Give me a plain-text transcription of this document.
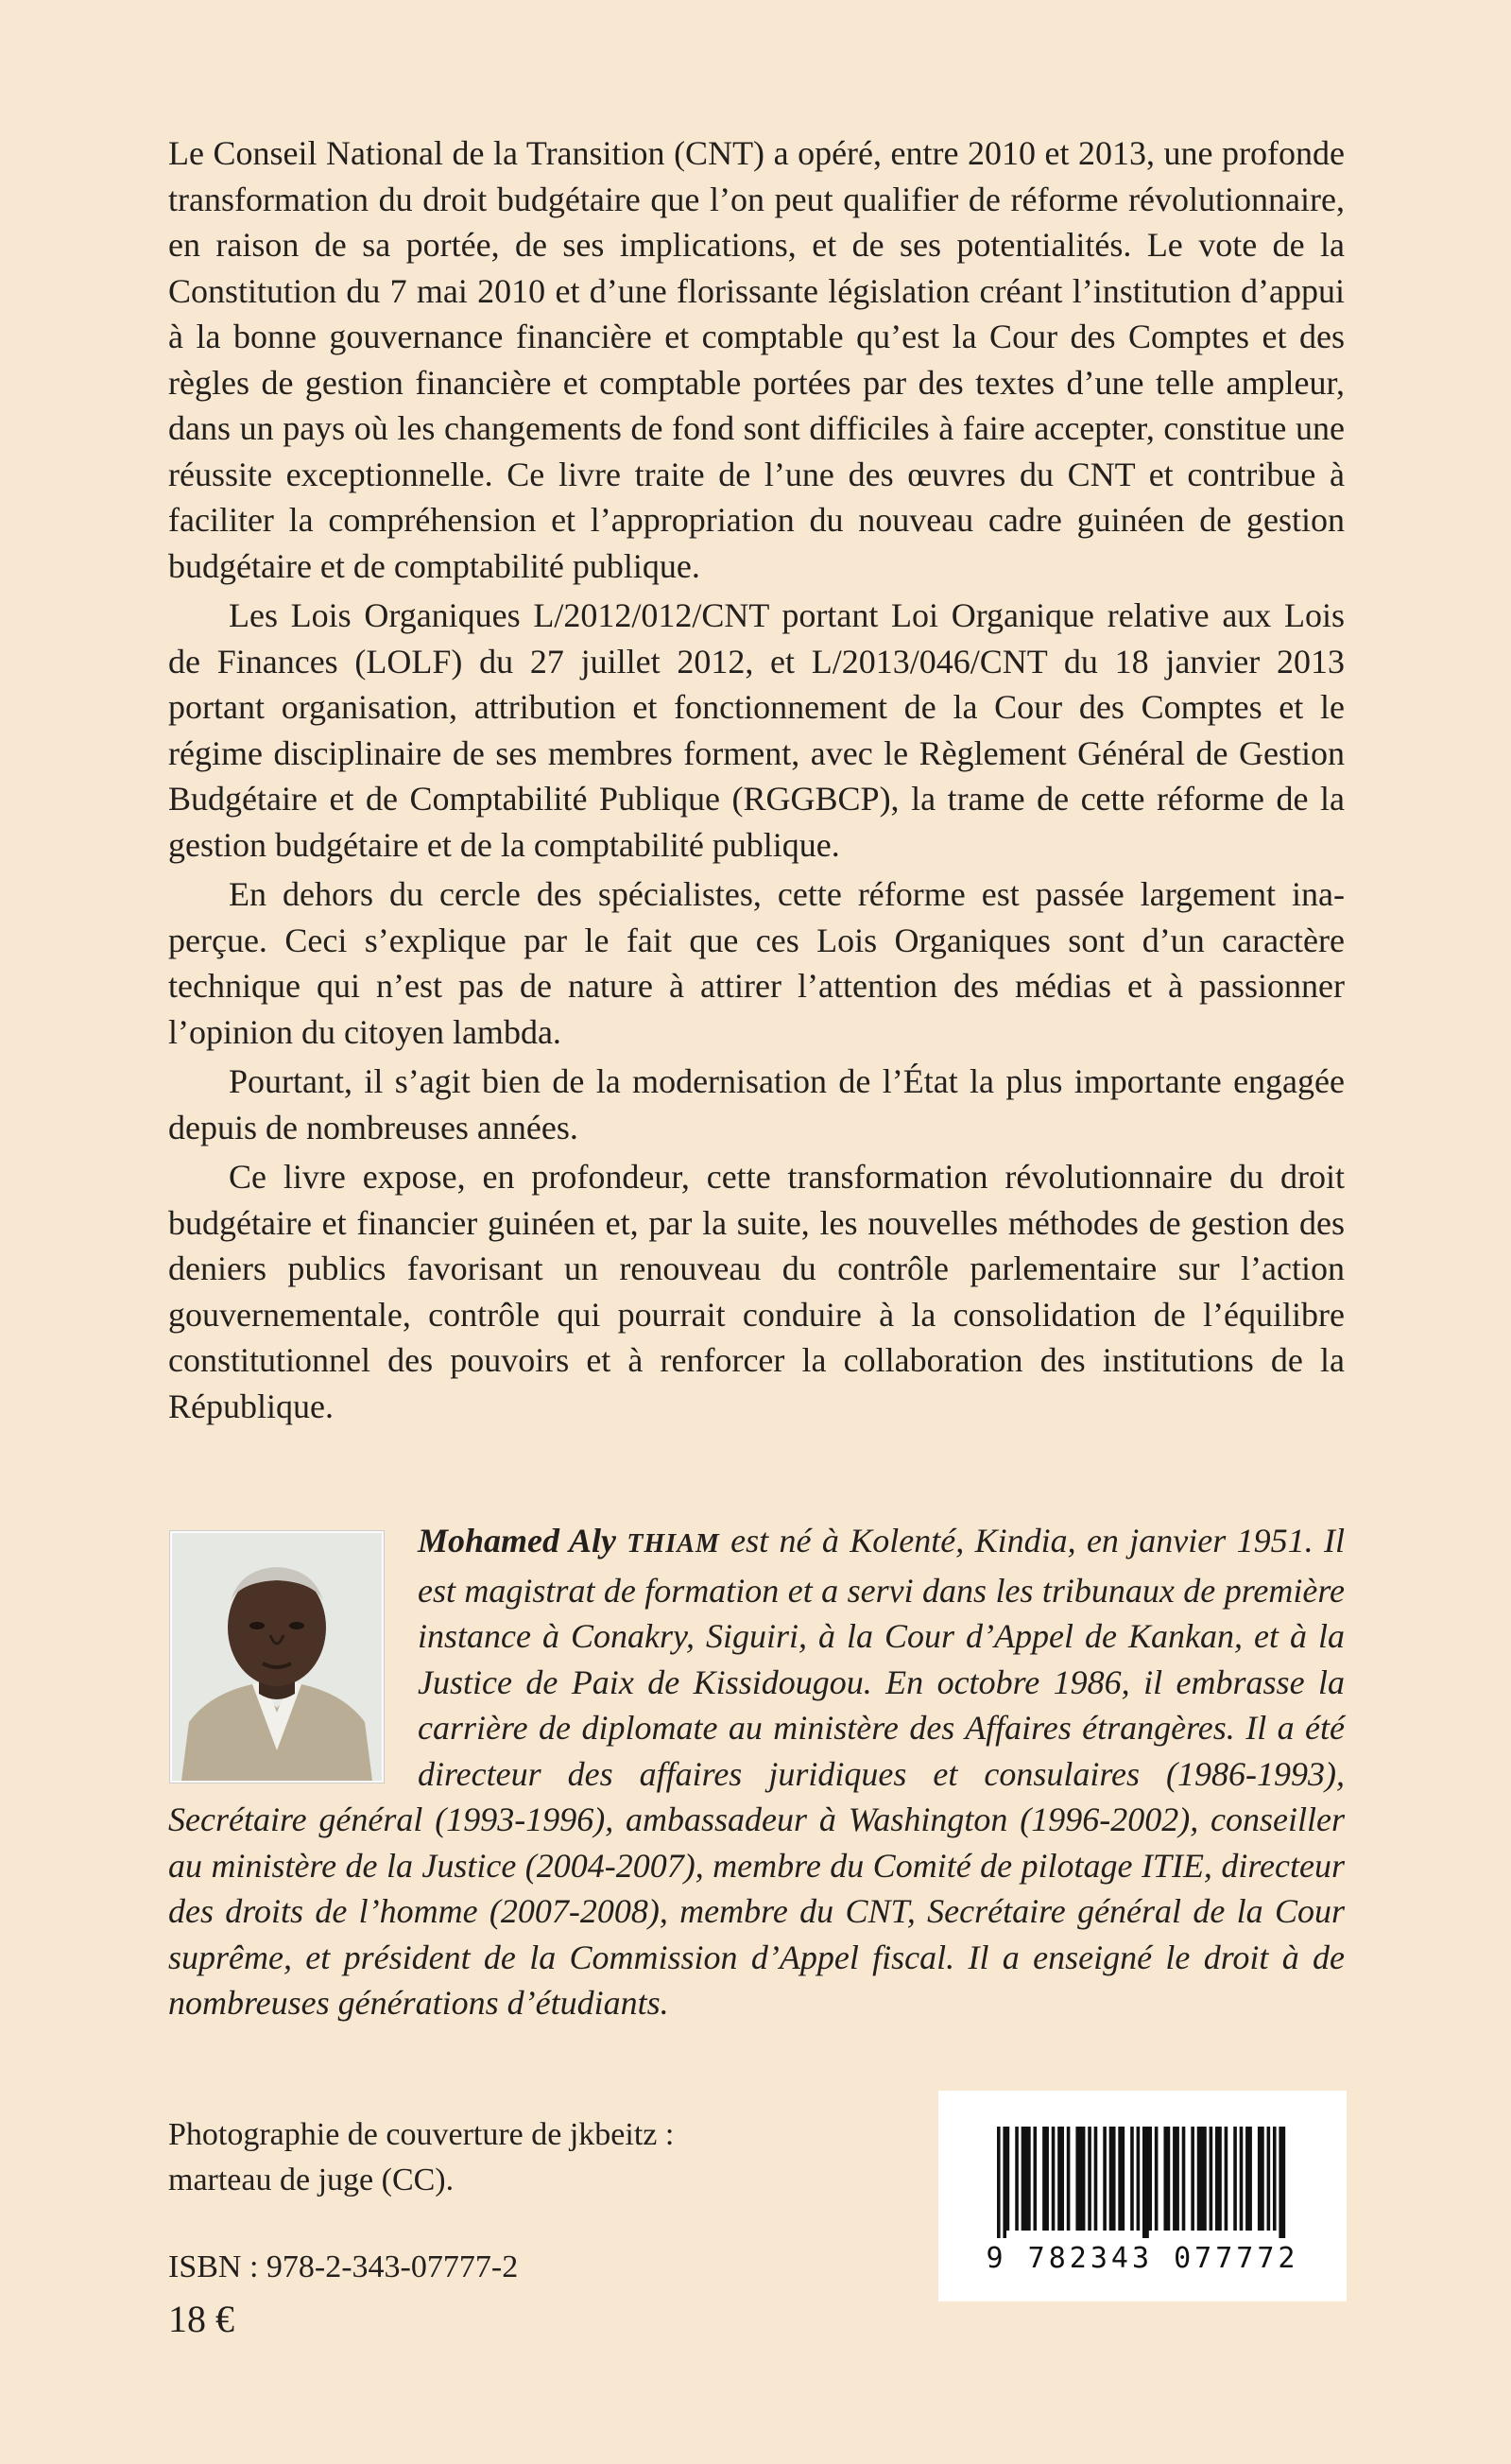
Le Conseil National de la Transition (CNT) a opéré, entre 2010 et 2013, une profonde transformation du droit budgétaire que l’on peut qualifier de réforme révolutionnaire, en raison de sa portée, de ses implications, et de ses potentialités. Le vote de la Constitution du 7 mai 2010 et d’une florissante législation créant l’institution d’appui à la bonne gouvernance financière et comptable qu’est la Cour des Comptes et des règles de gestion financière et comptable portées par des textes d’une telle ampleur, dans un pays où les changements de fond sont difficiles à faire accepter, constitue une réussite exceptionnelle. Ce livre traite de l’une des œuvres du CNT et contribue à faciliter la compréhension et l’appropriation du nouveau cadre guinéen de gestion budgétaire et de comptabilité publique.

Les Lois Organiques L/2012/012/CNT portant Loi Organique relative aux Lois de Finances (LOLF) du 27 juillet 2012, et L/2013/046/CNT du 18 janvier 2013 portant organisation, attribution et fonctionnement de la Cour des Comptes et le régime disciplinaire de ses membres forment, avec le Règlement Général de Gestion Budgétaire et de Comptabilité Publique (RGGBCP), la trame de cette réforme de la gestion budgétaire et de la comptabilité publique.

En dehors du cercle des spécialistes, cette réforme est passée largement inaperçue. Ceci s’explique par le fait que ces Lois Organiques sont d’un caractère technique qui n’est pas de nature à attirer l’attention des médias et à passionner l’opinion du citoyen lambda.

Pourtant, il s’agit bien de la modernisation de l’État la plus importante engagée depuis de nombreuses années.

Ce livre expose, en profondeur, cette transformation révolutionnaire du droit budgétaire et financier guinéen et, par la suite, les nouvelles méthodes de gestion des deniers publics favorisant un renouveau du contrôle parlementaire sur l’action gouvernementale, contrôle qui pourrait conduire à la consolidation de l’équilibre constitutionnel des pouvoirs et à renforcer la collaboration des institutions de la République.

Mohamed Aly THIAM est né à Kolenté, Kindia, en janvier 1951. Il est magistrat de formation et a servi dans les tribunaux de première instance à Conakry, Siguiri, à la Cour d’Appel de Kankan, et à la Justice de Paix de Kissidougou. En octobre 1986, il embrasse la carrière de diplomate au ministère des Affaires étrangères. Il a été directeur des affaires juridiques et consulaires (1986-1993), Secrétaire général (1993-1996), ambassadeur à Washington (1996-2002), conseiller au ministère de la Justice (2004-2007), membre du Comité de pilotage ITIE, directeur des droits de l’homme (2007-2008), membre du CNT, Secrétaire général de la Cour suprême, et président de la Commission d’Appel fiscal. Il a enseigné le droit à de nombreuses générations d’étudiants.
Photographie de couverture de jkbeitz :
marteau de juge (CC).
ISBN : 978-2-343-07777-2
18 €
9 782343 077772
